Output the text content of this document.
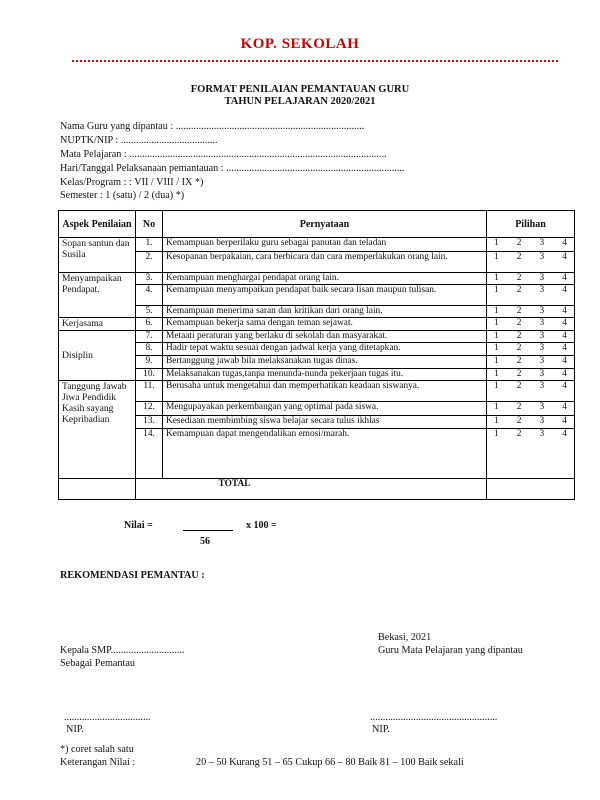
KOP. SEKOLAH
FORMAT PENILAIAN PEMANTAUAN GURU
TAHUN PELAJARAN 2020/2021
Nama Guru yang dipantau : ..........................................................................
NUPTK/NIP : ......................................
Mata Pelajaran : .....................................................................................................
Hari/Tanggal Pelaksanaan pemantauan : ......................................................................
Kelas/Program : : VII / VIII / IX *)
Semester : 1 (satu) / 2 (dua) *)
Aspek Penilaian	No	Pernyataan	Pilihan
Sopan santun dan Susila	1.	Kemampuan berperilaku guru sebagai panutan dan teladan	1 2 3 4

	2.	Kesopanan berpakaian, cara berbicara dan cara memperlakukan orang lain.	1 2 3 4

Menyampaikan Pendapat.	3.	Kemampuan menghargai pendapat orang lain.	1 2 3 4

	4.	Kemampuan menyampaikan pendapat baik secara lisan maupun tulisan.	1 2 3 4

	5.	Kemampuan menerima saran dan kritikan dari orang lain.	1 2 3 4

Kerjasama	6.	Kemampuan bekerja sama dengan teman sejawat.	1 2 3 4

Disiplin	7.	Metaati peraturan yang berlaku di sekolah dan masyarakat.	1 2 3 4

	8.	Hadir tepat waktu sesuai dengan jadwal kerja yang ditetapkan.	1 2 3 4

	9.	Bertanggung jawab bila melaksanakan tugas dinas.	1 2 3 4

	10.	Melaksanakan tugas,tanpa menunda-nunda pekerjaan tugas itu.	1 2 3 4

Tanggung Jawab Jiwa Pendidik Kasih sayang Kepribadian	11.	Berusaha untuk mengetahui dan memperhatikan keadaan siswanya.	1 2 3 4

	12.	Mengupayakan perkembangan yang optimal pada siswa.	1 2 3 4

	13.	Kesediaan membimbing siswa belajar secara tulus ikhlas	1 2 3 4

	14.	Kemampuan dapat mengendalikan emosi/marah.	1 2 3 4

	TOTAL		
Nilai =
56
x 100 =
REKOMENDASI PEMANTAU :
Bekasi, 2021
Kepala SMP.............................	Guru Mata Pelajaran yang dipantau
Sebagai Pemantau
..................................	..................................................
NIP.	NIP.
*) coret salah satu
Keterangan Nilai :	20 – 50 Kurang 51 – 65 Cukup 66 – 80 Baik 81 – 100 Baik sekali
